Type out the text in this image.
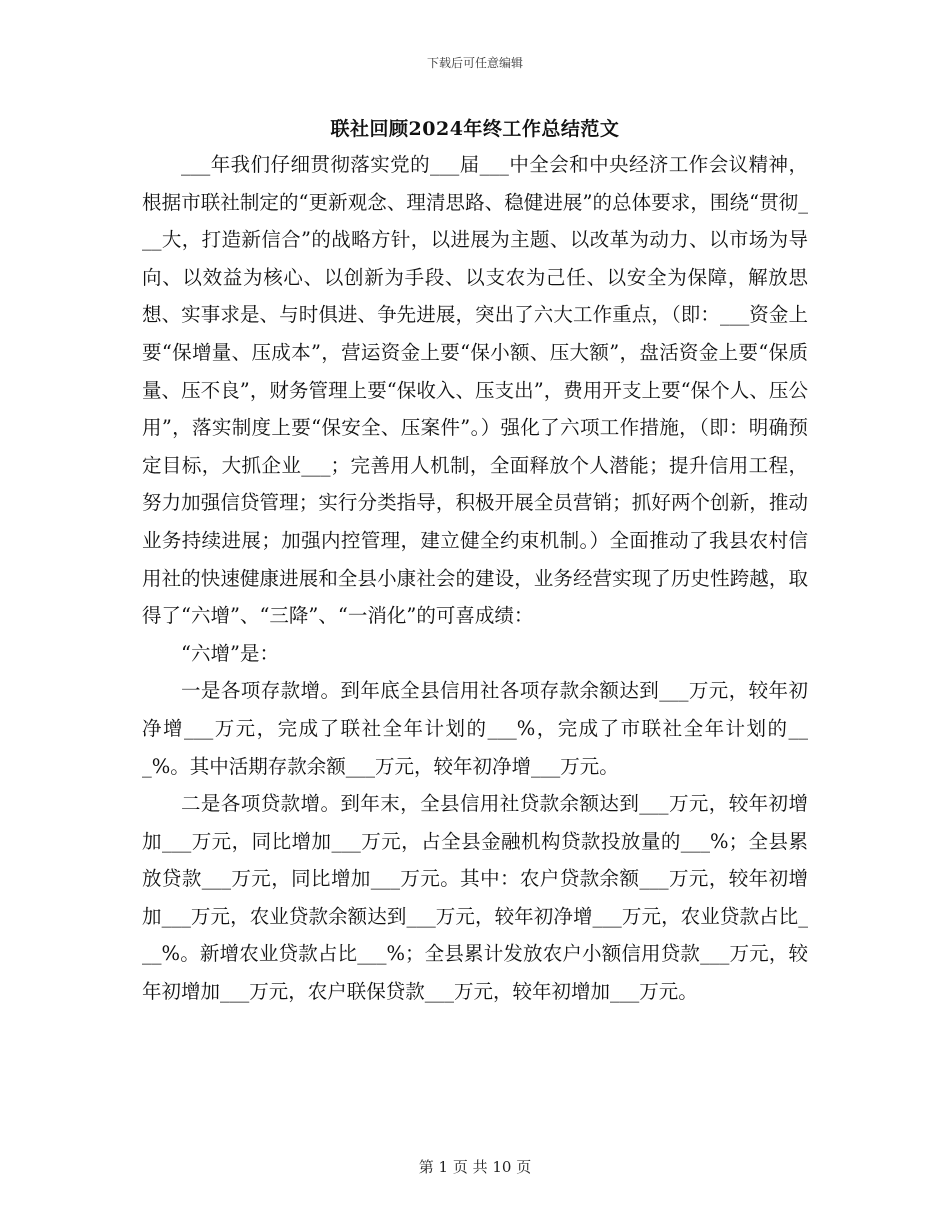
下载后可任意编辑
联社回顾2024年终工作总结范文

___年我们仔细贯彻落实党的___届___中全会和中央经济工作会议精神，根据市联社制定的“更新观念、理清思路、稳健进展”的总体要求，围绕“贯彻___大，打造新信合”的战略方针，以进展为主题、以改革为动力、以市场为导向、以效益为核心、以创新为手段、以支农为己任、以安全为保障，解放思想、实事求是、与时俱进、争先进展，突出了六大工作重点，（即：___资金上要“保增量、压成本”，营运资金上要“保小额、压大额”，盘活资金上要“保质量、压不良”，财务管理上要“保收入、压支出”，费用开支上要“保个人、压公用”，落实制度上要“保安全、压案件”。）强化了六项工作措施，（即：明确预定目标，大抓企业___；完善用人机制，全面释放个人潜能；提升信用工程，努力加强信贷管理；实行分类指导，积极开展全员营销；抓好两个创新，推动业务持续进展；加强内控管理，建立健全约束机制。）全面推动了我县农村信用社的快速健康进展和全县小康社会的建设，业务经营实现了历史性跨越，取得了“六增”、“三降”、“一消化”的可喜成绩：

“六增”是：

一是各项存款增。到年底全县信用社各项存款余额达到___万元，较年初净增___万元，完成了联社全年计划的___%，完成了市联社全年计划的___%。其中活期存款余额___万元，较年初净增___万元。

二是各项贷款增。到年末，全县信用社贷款余额达到___万元，较年初增加___万元，同比增加___万元，占全县金融机构贷款投放量的___%；全县累放贷款___万元，同比增加___万元。其中：农户贷款余额___万元，较年初增加___万元，农业贷款余额达到___万元，较年初净增___万元，农业贷款占比___%。新增农业贷款占比___%；全县累计发放农户小额信用贷款___万元，较年初增加___万元，农户联保贷款___万元，较年初增加___万元。

第 1 页 共 10 页
